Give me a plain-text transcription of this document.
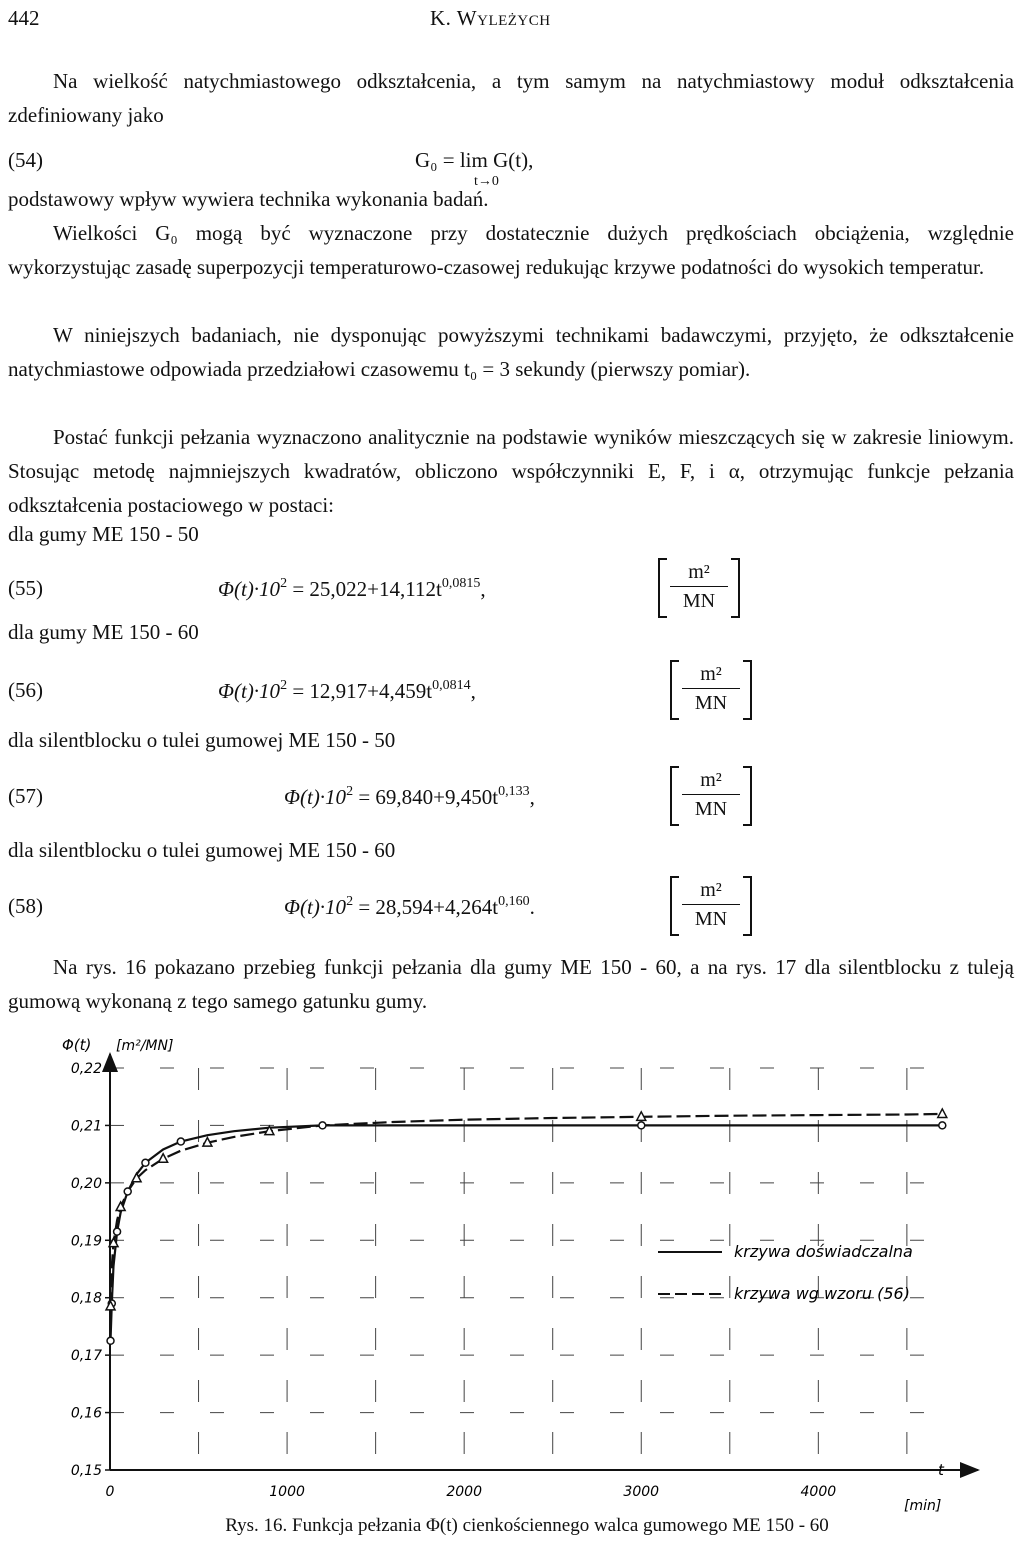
442	K. Wyleżych

Na wielkość natychmiastowego odkształcenia, a tym samym na natychmiastowy moduł odkształcenia zdefiniowany jako

(54)	G₀ = lim G(t),
t→0

podstawowy wpływ wywiera technika wykonania badań.

Wielkości G₀ mogą być wyznaczone przy dostatecznie dużych prędkościach obciążenia, względnie wykorzystując zasadę superpozycji temperaturowo-czasowej redukując krzywe podatności do wysokich temperatur.

W niniejszych badaniach, nie dysponując powyższymi technikami badawczymi, przyjęto, że odkształcenie natychmiastowe odpowiada przedziałowi czasowemu t₀ = 3 sekundy (pierwszy pomiar).

Postać funkcji pełzania wyznaczono analitycznie na podstawie wyników mieszczących się w zakresie liniowym. Stosując metodę najmniejszych kwadratów, obliczono współczynniki E, F, i α, otrzymując funkcje pełzania odkształcenia postaciowego w postaci:

dla gumy ME 150 - 50
(55)	$\Phi(t)\cdot 10^2 = 25,022+14,112t^{0,0815}$,
m²
MN
dla gumy ME 150 - 60
(56)	$\Phi(t)\cdot 10^2 = 12,917+4,459t^{0,0814}$,
m²
MN
dla silentblocku o tulei gumowej ME 150 - 50
(57)	$\Phi(t)\cdot 10^2 = 69,840+9,450t^{0,133}$,
m²
MN
dla silentblocku o tulei gumowej ME 150 - 60
(58)	$\Phi(t)\cdot 10^2 = 28,594+4,264t^{0,160}$.
m²
MN

Na rys. 16 pokazano przebieg funkcji pełzania dla gumy ME 150 - 60, a na rys. 17 dla silentblocku z tuleją gumową wykonaną z tego samego gatunku gumy.

0,15
0,16
0,17
0,18
0,19
0,20
0,21
0,22
0	1000	2000	3000	4000
krzywa doświadczalna
krzywa wg wzoru (56)
Φ(t) [m²/MN]
t
[min]
Rys. 16. Funkcja pełzania Φ(t) cienkościennego walca gumowego ME 150 - 60
